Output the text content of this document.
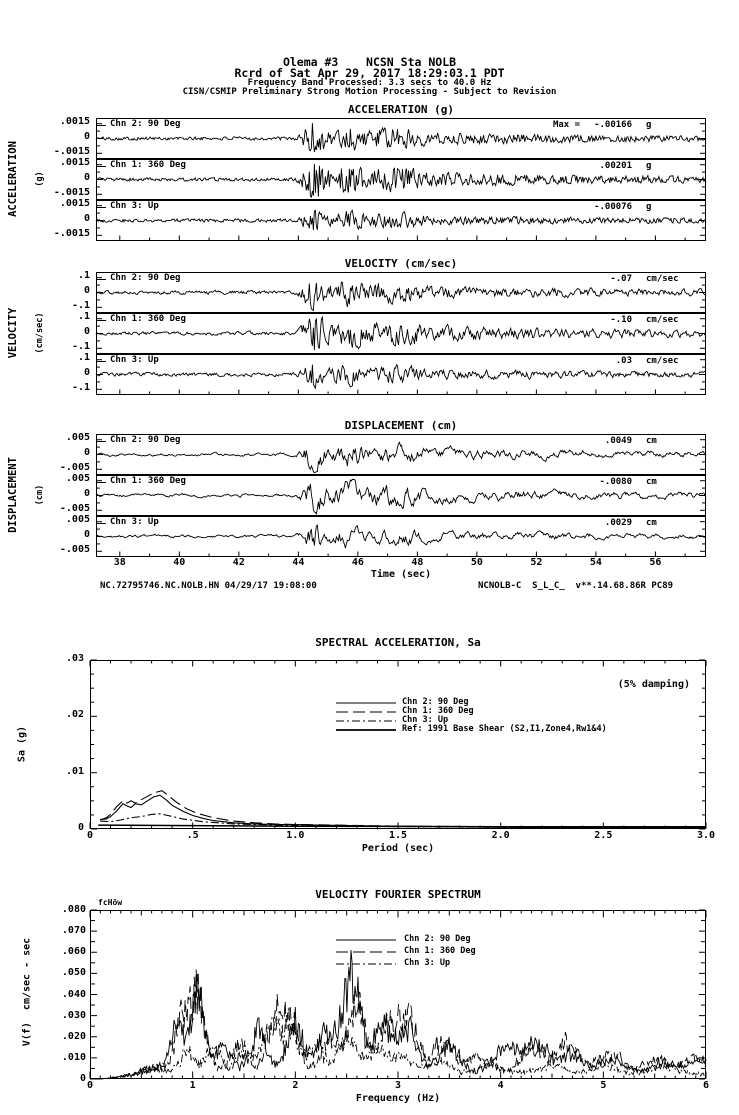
Olema #3    NCSN Sta NOLB
Rcrd of Sat Apr 29, 2017 18:29:03.1 PDT
Frequency Band Processed: 3.3 secs to 40.0 Hz
CISN/CSMIP Preliminary Strong Motion Processing - Subject to Revision
ACCELERATION (g)
ACCELERATION (g)
.0015
0
-.0015
Chn 2: 90 Deg	Max = -.00166 g
.0015
0
-.0015
Chn 1: 360 Deg	.00201 g
.0015
0
-.0015
Chn 3: Up	-.00076 g
VELOCITY (cm/sec)
VELOCITY (cm/sec)
.1
0
-.1
Chn 2: 90 Deg	-.07 cm/sec
.1
0
-.1
Chn 1: 360 Deg	-.10 cm/sec
.1
0
-.1
Chn 3: Up	.03 cm/sec
DISPLACEMENT (cm)
DISPLACEMENT (cm)
.005
0
-.005
Chn 2: 90 Deg	.0049 cm
.005
0
-.005
Chn 1: 360 Deg	-.0080 cm
.005
0
-.005
Chn 3: Up	.0029 cm
38	40	42	44	46	48	50	52	54	56
Time (sec)
NC.72795746.NC.NOLB.HN 04/29/17 19:08:00	NCNOLB-C  S_L_C_  v**.14.68.86R PC89
SPECTRAL ACCELERATION, Sa
Chn 2: 90 Deg
Chn 1: 360 Deg
Chn 3: Up
Ref: 1991 Base Shear (S2,I1,Zone4,Rw1&4)
(5% damping)
.03
.02
.01
0
0	.5	1.0	1.5	2.0	2.5	3.0
Period (sec)
Sa (g)
VELOCITY FOURIER SPECTRUM
fcHöw
Chn 2: 90 Deg
Chn 1: 360 Deg
Chn 3: Up
.080
.070
.060
.050
.040
.030
.020
.010
0
0	1	2	3	4	5	6
Frequency (Hz)
V(f)  cm/sec - sec
